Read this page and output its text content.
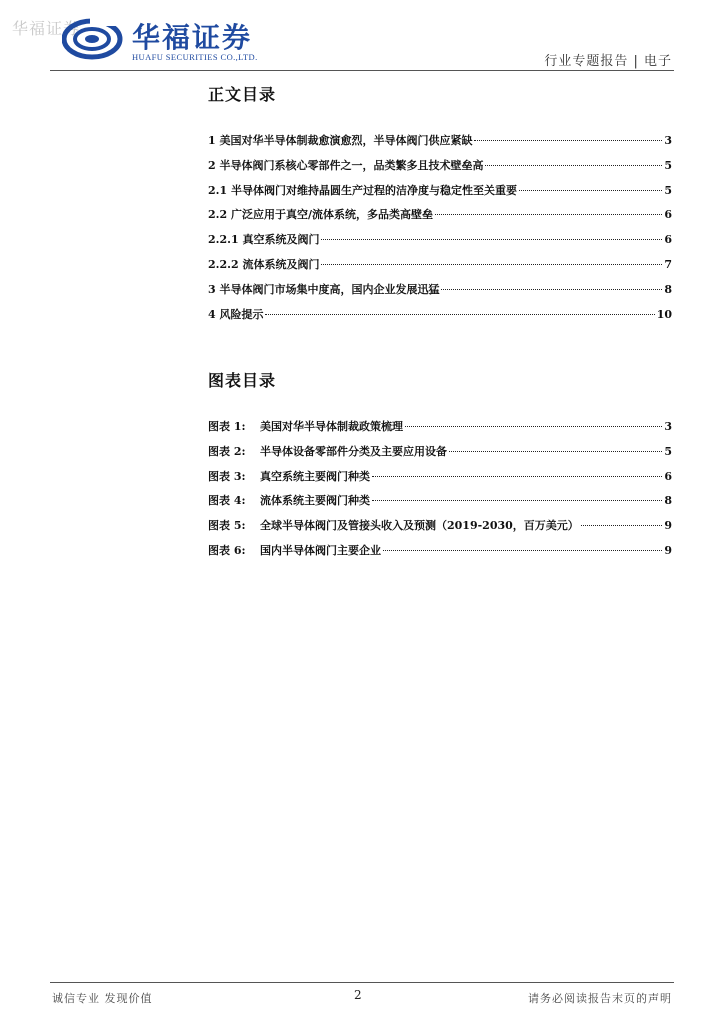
华福证券 华福证券
HUAFU SECURITIES CO.,LTD.	行业专题报告 | 电子
正文目录
1 美国对华半导体制裁愈演愈烈，半导体阀门供应紧缺	3
2 半导体阀门系核心零部件之一，品类繁多且技术壁垒高	5
2.1 半导体阀门对维持晶圆生产过程的洁净度与稳定性至关重要	5
2.2 广泛应用于真空/流体系统，多品类高壁垒	6
2.2.1 真空系统及阀门	6
2.2.2 流体系统及阀门	7
3 半导体阀门市场集中度高，国内企业发展迅猛	8
4 风险提示	10
图表目录
图表 1:	美国对华半导体制裁政策梳理	3
图表 2:	半导体设备零部件分类及主要应用设备	5
图表 3:	真空系统主要阀门种类	6
图表 4:	流体系统主要阀门种类	8
图表 5:	全球半导体阀门及管接头收入及预测（2019-2030，百万美元）	9
图表 6:	国内半导体阀门主要企业	9
诚信专业 发现价值	2	请务必阅读报告末页的声明
